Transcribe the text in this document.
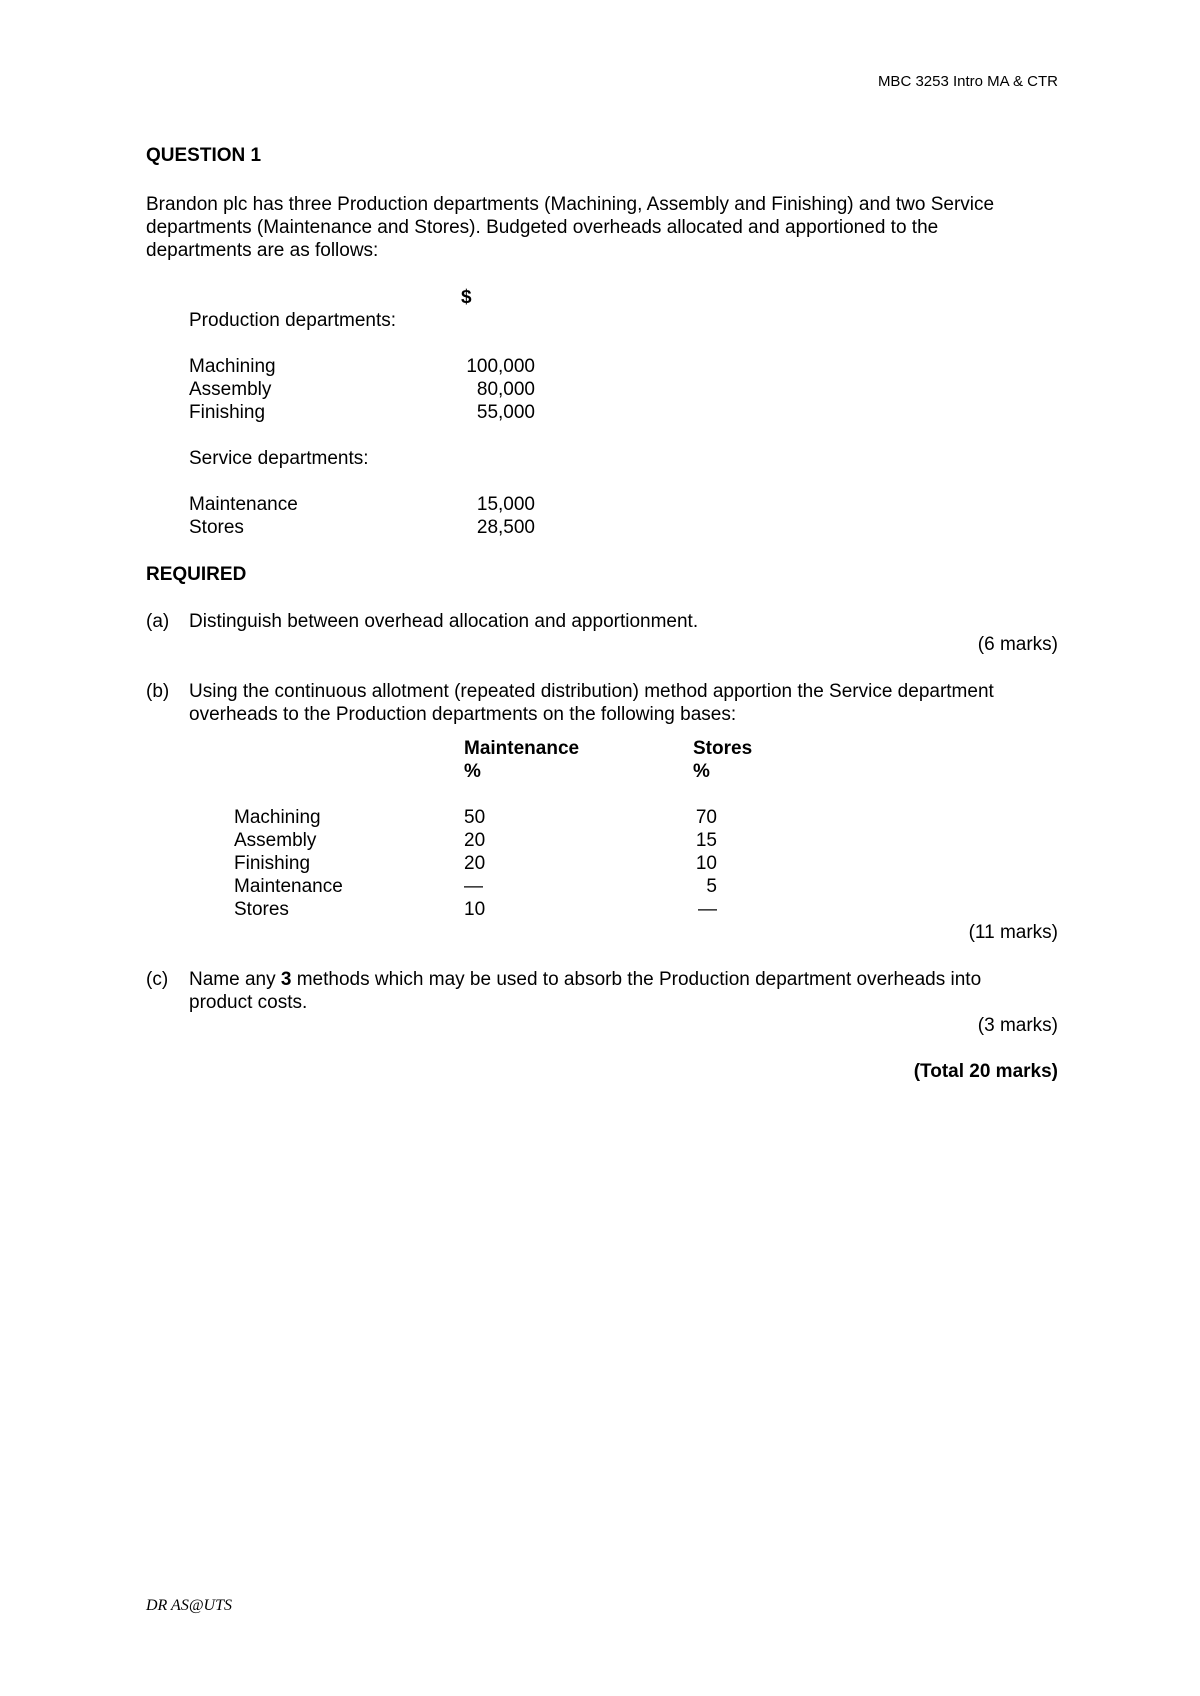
MBC 3253 Intro MA & CTR

QUESTION 1

Brandon plc has three Production departments (Machining, Assembly and Finishing) and two Service
departments (Maintenance and Stores). Budgeted overheads allocated and apportioned to the
departments are as follows:
$
Production departments:
Machining	100,000
Assembly	80,000
Finishing	55,000
Service departments:
Maintenance	15,000
Stores	28,500
REQUIRED
(a)	Distinguish between overhead allocation and apportionment.
(6 marks)
(b)	Using the continuous allotment (repeated distribution) method apportion the Service department
overheads to the Production departments on the following bases:
Maintenance	Stores
%	%
Machining	50	70
Assembly	20	15
Finishing	20	10
Maintenance	—	5
Stores	10	—
(11 marks)
(c)	Name any 3 methods which may be used to absorb the Production department overheads into
product costs.
(3 marks)
(Total 20 marks)
DR AS@UTS
